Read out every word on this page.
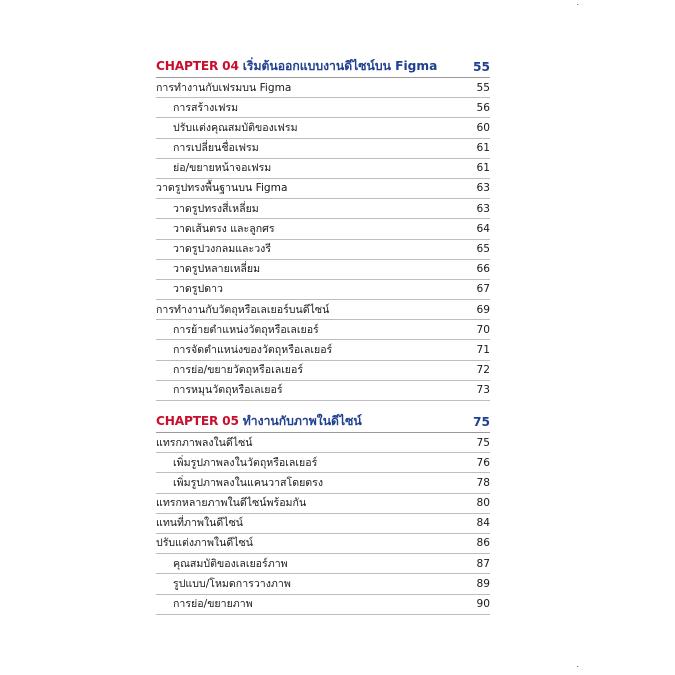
.
CHAPTER 04 เริ่มต้นออกแบบงานดีไซน์บน Figma	55
การทำงานกับเฟรมบน Figma	55
การสร้างเฟรม	56
ปรับแต่งคุณสมบัติของเฟรม	60
การเปลี่ยนชื่อเฟรม	61
ย่อ/ขยายหน้าจอเฟรม	61
วาดรูปทรงพื้นฐานบน Figma	63
วาดรูปทรงสี่เหลี่ยม	63
วาดเส้นตรง และลูกศร	64
วาดรูปวงกลมและวงรี	65
วาดรูปหลายเหลี่ยม	66
วาดรูปดาว	67
การทำงานกับวัตถุหรือเลเยอร์บนดีไซน์	69
การย้ายตำแหน่งวัตถุหรือเลเยอร์	70
การจัดตำแหน่งของวัตถุหรือเลเยอร์	71
การย่อ/ขยายวัตถุหรือเลเยอร์	72
การหมุนวัตถุหรือเลเยอร์	73
CHAPTER 05 ทำงานกับภาพในดีไซน์	75
แทรกภาพลงในดีไซน์	75
เพิ่มรูปภาพลงในวัตถุหรือเลเยอร์	76
เพิ่มรูปภาพลงในแคนวาสโดยตรง	78
แทรกหลายภาพในดีไซน์พร้อมกัน	80
แทนที่ภาพในดีไซน์	84
ปรับแต่งภาพในดีไซน์	86
คุณสมบัติของเลเยอร์ภาพ	87
รูปแบบ/โหมดการวางภาพ	89
การย่อ/ขยายภาพ	90
.
